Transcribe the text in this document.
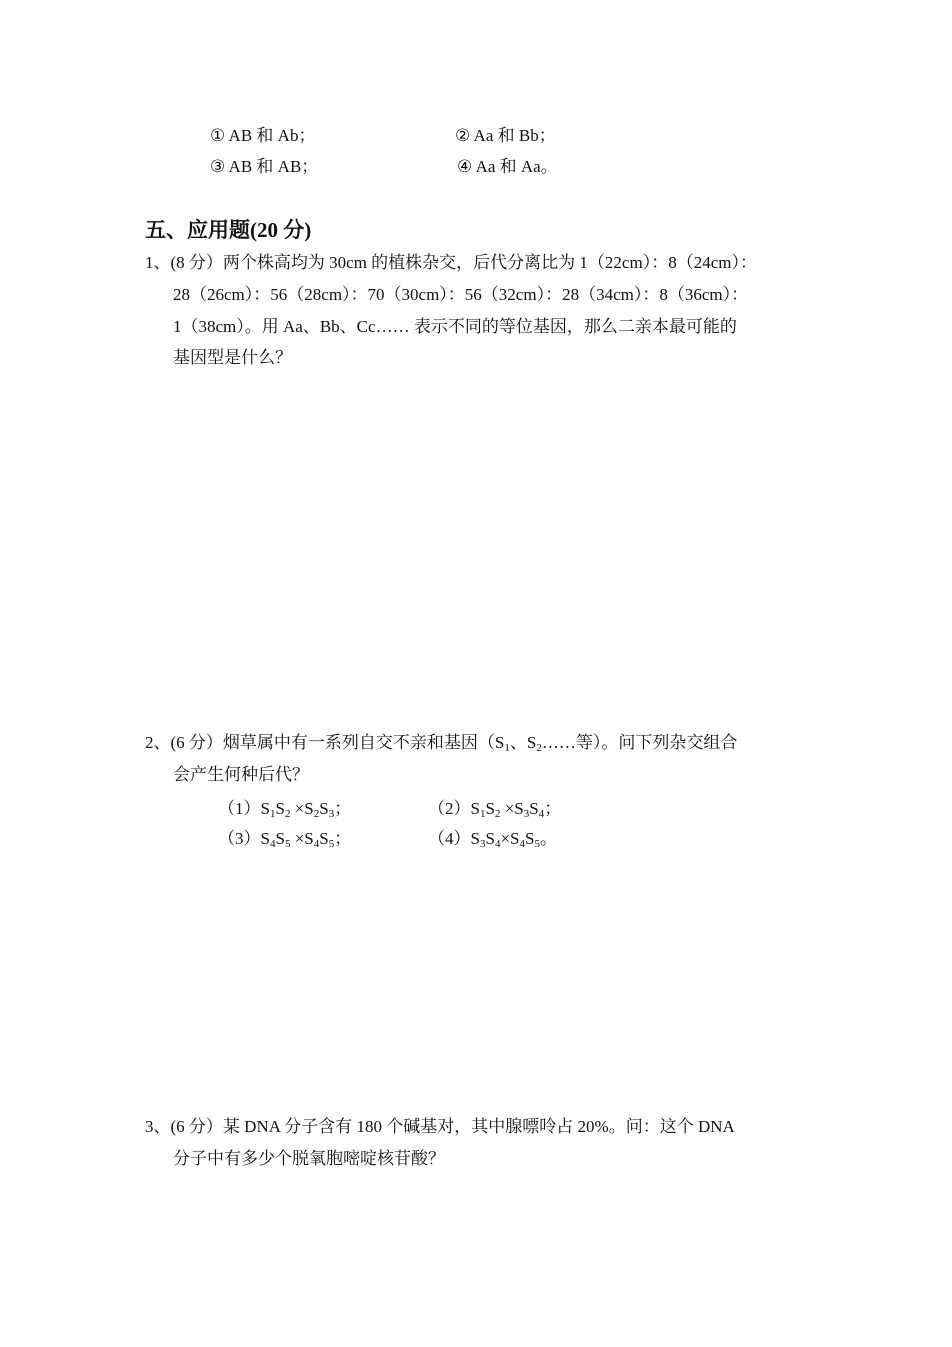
① AB 和 Ab；	② Aa 和 Bb；
③ AB 和 AB；	④ Aa 和 Aa。
五、应用题(20 分)
1、(8 分）两个株高均为 30cm 的植株杂交，后代分离比为 1（22cm）：8（24cm）：
28（26cm）：56（28cm）：70（30cm）：56（32cm）：28（34cm）：8（36cm）：
1（38cm）。用 Aa、Bb、Cc…… 表示不同的等位基因，那么二亲本最可能的
基因型是什么？
2、(6 分）烟草属中有一系列自交不亲和基因（$S_1$、$S_2\dots\dots$等）。问下列杂交组合
会产生何种后代？
$(1)S_1S_2 \times S_2S_3$；	$(2)S_1S_2 \times S_3S_4$；
$(3)S_4S_5 \times S_4S_5$；	$(4)S_3S_4\times S_4S_5$。
3、(6 分）某 DNA 分子含有 180 个碱基对，其中腺嘌呤占 20%。问：这个 DNA
分子中有多少个脱氧胞嘧啶核苷酸？
